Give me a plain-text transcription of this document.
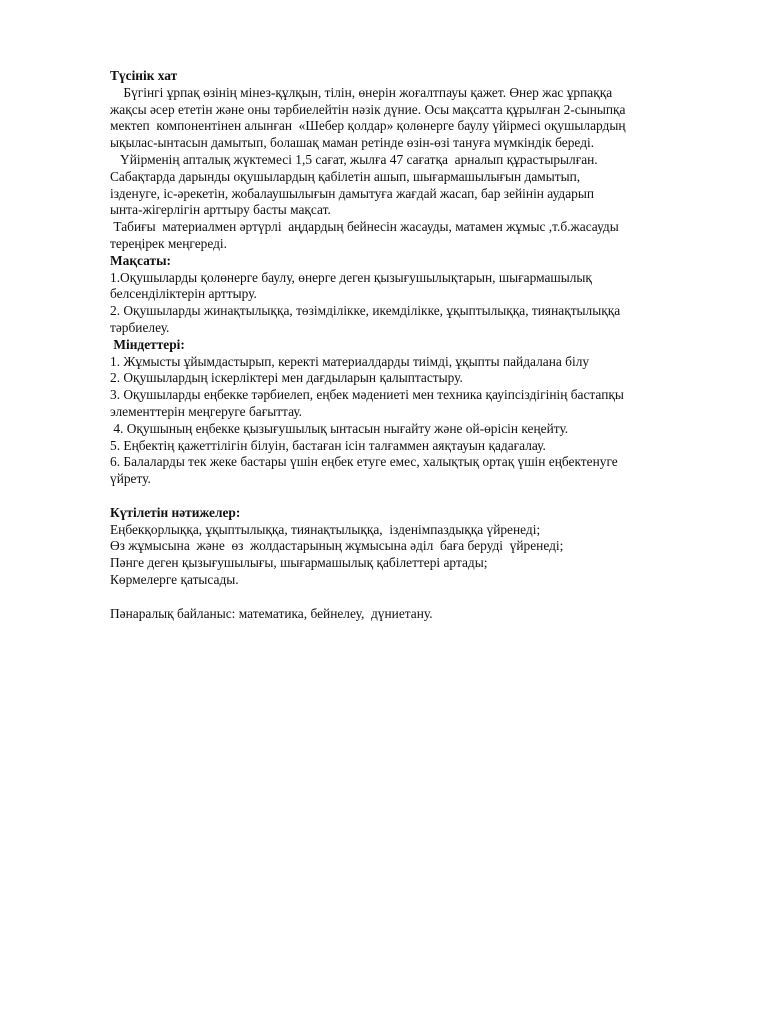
Түсінік хат
Бүгінгі ұрпақ өзінің мінез-құлқын, тілін, өнерін жоғалтпауы қажет. Өнер жас ұрпаққа
жақсы әсер ететін және оны тәрбиелейтін нәзік дүние. Осы мақсатта құрылған 2-сыныпқа
мектеп  компонентінен алынған  «Шебер қолдар» қолөнерге баулу үйірмесі оқушылардың
ықылас-ынтасын дамытып, болашақ маман ретінде өзін-өзі тануға мүмкіндік береді.
Үйірменің апталық жүктемесі 1,5 сағат, жылға 47 сағатқа  арналып құрастырылған.
Сабақтарда дарынды оқушылардың қабілетін ашып, шығармашылығын дамытып,
ізденуге, іс-әрекетін, жобалаушылығын дамытуға жағдай жасап, бар зейінін аударып
ынта-жігерлігін арттыру басты мақсат.
Табиғы  материалмен әртүрлі  аңдардың бейнесін жасауды, матамен жұмыс ,т.б.жасауды
тереңірек меңгереді.
Мақсаты:
1.Оқушыларды қолөнерге баулу, өнерге деген қызығушылықтарын, шығармашылық
белсенділіктерін арттыру.
2. Оқушыларды жинақтылыққа, төзімділікке, икемділікке, ұқыптылыққа, тиянақтылыққа
тәрбиелеу.
Міндеттері:
1. Жұмысты ұйымдастырып, керекті материалдарды тиімді, ұқыпты пайдалана білу
2. Оқушылардың іскерліктері мен дағдыларын қалыптастыру.
3. Оқушыларды еңбекке тәрбиелеп, еңбек мәдениеті мен техника қауіпсіздігінің бастапқы
элементтерін меңгеруге бағыттау.
4. Оқушының еңбекке қызығушылық ынтасын нығайту және ой-өрісін кеңейту.
5. Еңбектің қажеттілігін білуін, бастаған ісін талғаммен аяқтауын қадағалау.
6. Балаларды тек жеке бастары үшін еңбек етуге емес, халықтық ортақ үшін еңбектенуге
үйрету.
Күтілетін нәтижелер:
Еңбекқорлыққа, ұқыптылыққа, тиянақтылыққа,  ізденімпаздыққа үйренеді;
Өз жұмысына  және  өз  жолдастарының жұмысына әділ  баға беруді  үйренеді;
Пәнге деген қызығушылығы, шығармашылық қабілеттері артады;
Көрмелерге қатысады.
Пәнаралық байланыс: математика, бейнелеу,  дүниетану.
